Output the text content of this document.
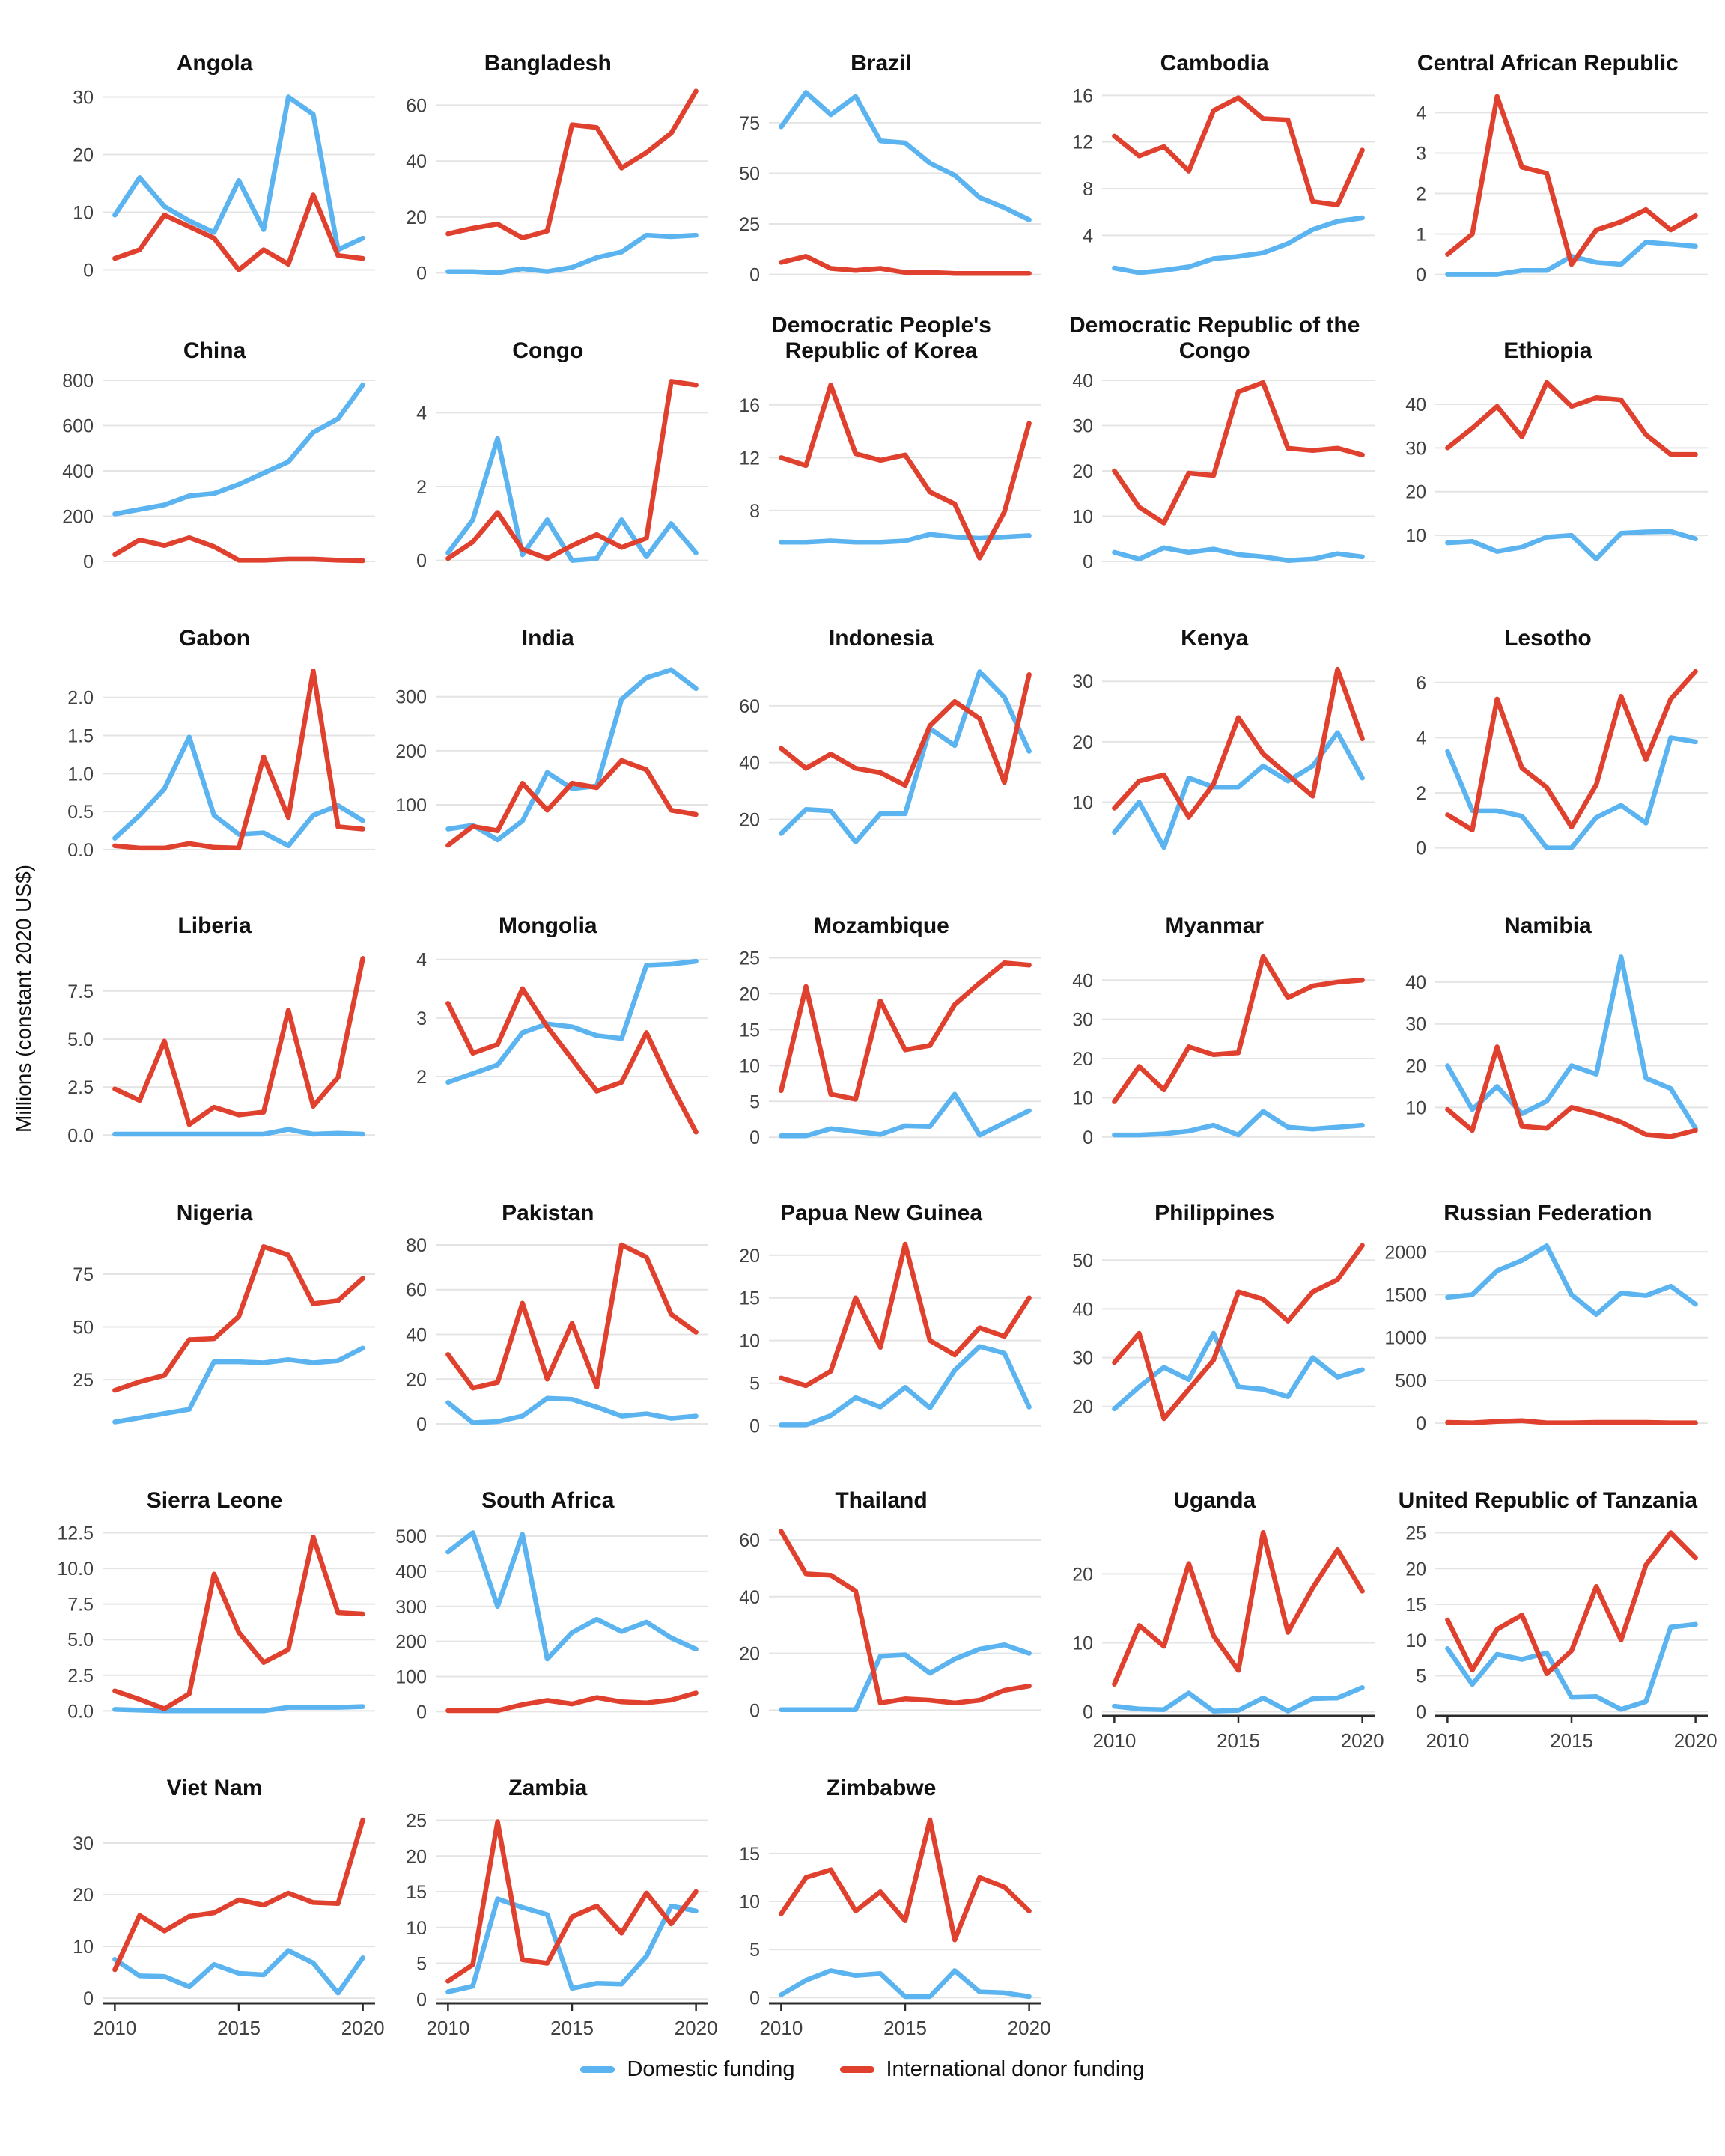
Millions (constant 2020 US$)
Angola
0
10
20
30
Bangladesh
0
20
40
60
Brazil
0
25
50
75
Cambodia
4
8
12
16
Central African Republic
0
1
2
3
4
China
0
200
400
600
800
Congo
0
2
4
Democratic People's Republic of Korea
8
12
16
Democratic Republic of the Congo
0
10
20
30
40
Ethiopia
10
20
30
40
Gabon
0.0
0.5
1.0
1.5
2.0
India
100
200
300
Indonesia
20
40
60
Kenya
10
20
30
Lesotho
0
2
4
6
Liberia
0.0
2.5
5.0
7.5
Mongolia
2
3
4
Mozambique
0
5
10
15
20
25
Myanmar
0
10
20
30
40
Namibia
10
20
30
40
Nigeria
25
50
75
Pakistan
0
20
40
60
80
Papua New Guinea
0
5
10
15
20
Philippines
20
30
40
50
Russian Federation
0
500
1000
1500
2000
Sierra Leone
0.0
2.5
5.0
7.5
10.0
12.5
South Africa
0
100
200
300
400
500
Thailand
0
20
40
60
Uganda
0
10
20
2010	2015	2020
United Republic of Tanzania
0
5
10
15
20
25
2010	2015	2020
Viet Nam
0
10
20
30
2010	2015	2020
Zambia
0
5
10
15
20
25
2010	2015	2020
Zimbabwe
0
5
10
15
2010	2015	2020
Domestic funding	International donor funding
